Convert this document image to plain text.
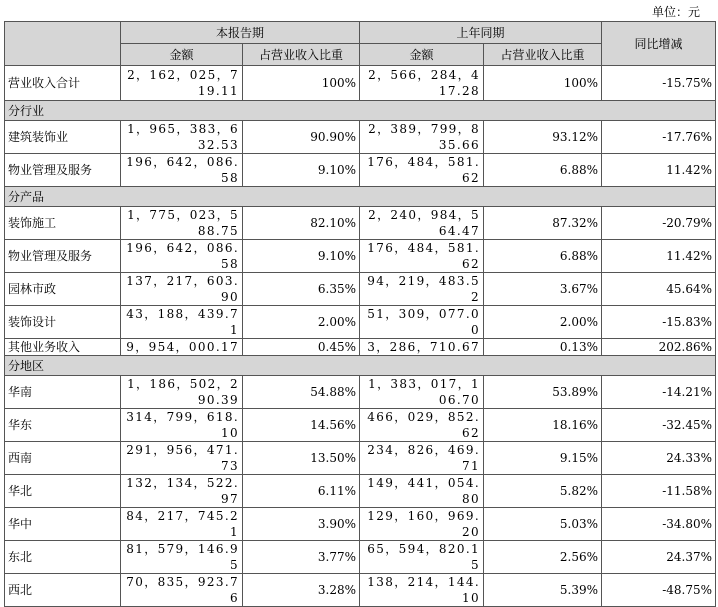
单位：元
	本报告期		上年同期		同比增减
	金额	占营业收入比重	金额	占营业收入比重	
营业收入合计	2，162，025，719.11	100%	2，566，284，417.28	100%	-15.75%
分行业					
建筑装饰业	1，965，383，632.53	90.90%	2，389，799，835.66	93.12%	-17.76%
物业管理及服务	196，642，086.58	9.10%	176，484，581.62	6.88%	11.42%
分产品					
装饰施工	1，775，023，588.75	82.10%	2，240，984，564.47	87.32%	-20.79%
物业管理及服务	196，642，086.58	9.10%	176，484，581.62	6.88%	11.42%
园林市政	137，217，603.90	6.35%	94，219，483.52	3.67%	45.64%
装饰设计	43，188，439.71	2.00%	51，309，077.00	2.00%	-15.83%
其他业务收入	9，954，000.17	0.45%	3，286，710.67	0.13%	202.86%
分地区					
华南	1，186，502，290.39	54.88%	1，383，017，106.70	53.89%	-14.21%
华东	314，799，618.10	14.56%	466，029，852.62	18.16%	-32.45%
西南	291，956，471.73	13.50%	234，826，469.71	9.15%	24.33%
华北	132，134，522.97	6.11%	149，441，054.80	5.82%	-11.58%
华中	84，217，745.21	3.90%	129，160，969.20	5.03%	-34.80%
东北	81，579，146.95	3.77%	65，594，820.15	2.56%	24.37%
西北	70，835，923.76	3.28%	138，214，144.10	5.39%	-48.75%
